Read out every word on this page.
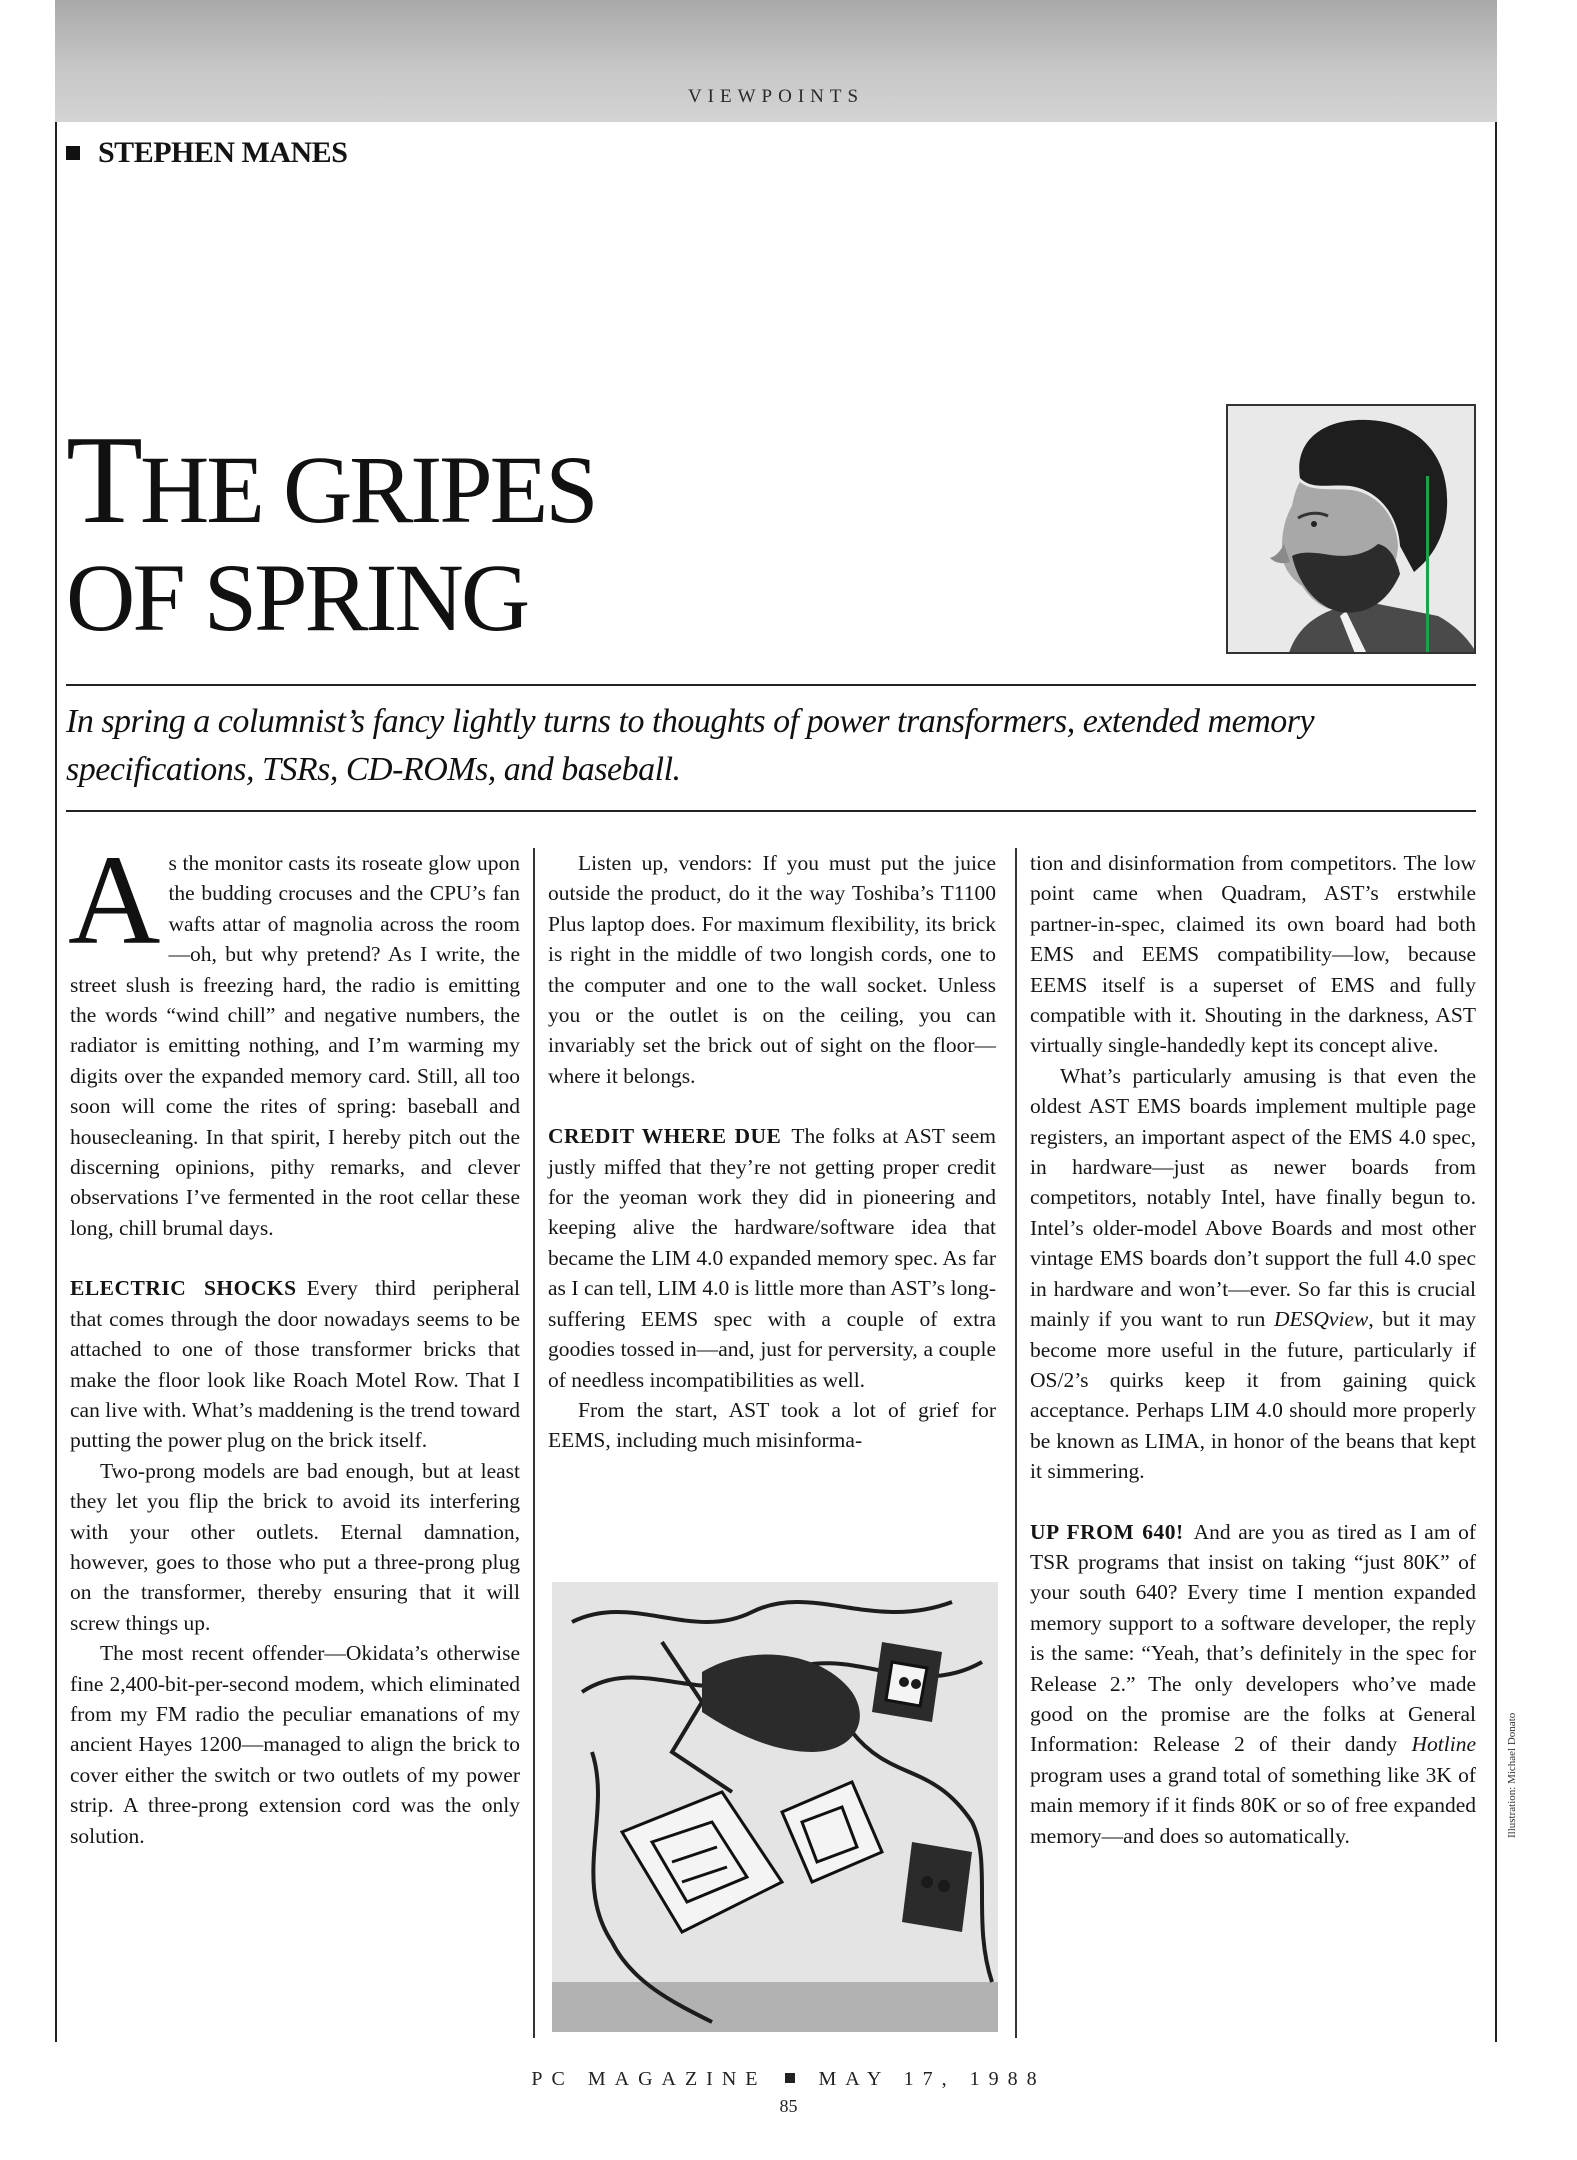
VIEWPOINTS
STEPHEN MANES
THE GRIPES
OF SPRING

In spring a columnist’s fancy lightly turns to thoughts of power transformers, extended memory specifications, TSRs, CD-ROMs, and baseball.

As the monitor casts its roseate glow upon the budding crocuses and the CPU’s fan wafts attar of magnolia across the room—oh, but why pretend? As I write, the street slush is freezing hard, the radio is emitting the words “wind chill” and negative numbers, the radiator is emitting nothing, and I’m warming my digits over the expanded memory card. Still, all too soon will come the rites of spring: baseball and housecleaning. In that spirit, I hereby pitch out the discerning opinions, pithy remarks, and clever observations I’ve fermented in the root cellar these long, chill brumal days.

ELECTRIC SHOCKS Every third peripheral that comes through the door nowadays seems to be attached to one of those transformer bricks that make the floor look like Roach Motel Row. That I can live with. What’s maddening is the trend toward putting the power plug on the brick itself.

Two-prong models are bad enough, but at least they let you flip the brick to avoid its interfering with your other outlets. Eternal damnation, however, goes to those who put a three-prong plug on the transformer, thereby ensuring that it will screw things up.

The most recent offender—Okidata’s otherwise fine 2,400-bit-per-second modem, which eliminated from my FM radio the peculiar emanations of my ancient Hayes 1200—managed to align the brick to cover either the switch or two outlets of my power strip. A three-prong extension cord was the only solution.

Listen up, vendors: If you must put the juice outside the product, do it the way Toshiba’s T1100 Plus laptop does. For maximum flexibility, its brick is right in the middle of two longish cords, one to the computer and one to the wall socket. Unless you or the outlet is on the ceiling, you can invariably set the brick out of sight on the floor—where it belongs.

CREDIT WHERE DUE The folks at AST seem justly miffed that they’re not getting proper credit for the yeoman work they did in pioneering and keeping alive the hardware/software idea that became the LIM 4.0 expanded memory spec. As far as I can tell, LIM 4.0 is little more than AST’s long-suffering EEMS spec with a couple of extra goodies tossed in—and, just for perversity, a couple of needless incompatibilities as well.

From the start, AST took a lot of grief for EEMS, including much misinforma-

tion and disinformation from competitors. The low point came when Quadram, AST’s erstwhile partner-in-spec, claimed its own board had both EMS and EEMS compatibility—low, because EEMS itself is a superset of EMS and fully compatible with it. Shouting in the darkness, AST virtually single-handedly kept its concept alive.

What’s particularly amusing is that even the oldest AST EMS boards implement multiple page registers, an important aspect of the EMS 4.0 spec, in hardware—just as newer boards from competitors, notably Intel, have finally begun to. Intel’s older-model Above Boards and most other vintage EMS boards don’t support the full 4.0 spec in hardware and won’t—ever. So far this is crucial mainly if you want to run DESQview, but it may become more useful in the future, particularly if OS/2’s quirks keep it from gaining quick acceptance. Perhaps LIM 4.0 should more properly be known as LIMA, in honor of the beans that kept it simmering.

UP FROM 640! And are you as tired as I am of TSR programs that insist on taking “just 80K” of your south 640? Every time I mention expanded memory support to a software developer, the reply is the same: “Yeah, that’s definitely in the spec for Release 2.” The only developers who’ve made good on the promise are the folks at General Information: Release 2 of their dandy Hotline program uses a grand total of something like 3K of main memory if it finds 80K or so of free expanded memory—and does so automatically.	Illustration: Michael Donato
PC MAGAZINE	MAY 17, 1988
85
